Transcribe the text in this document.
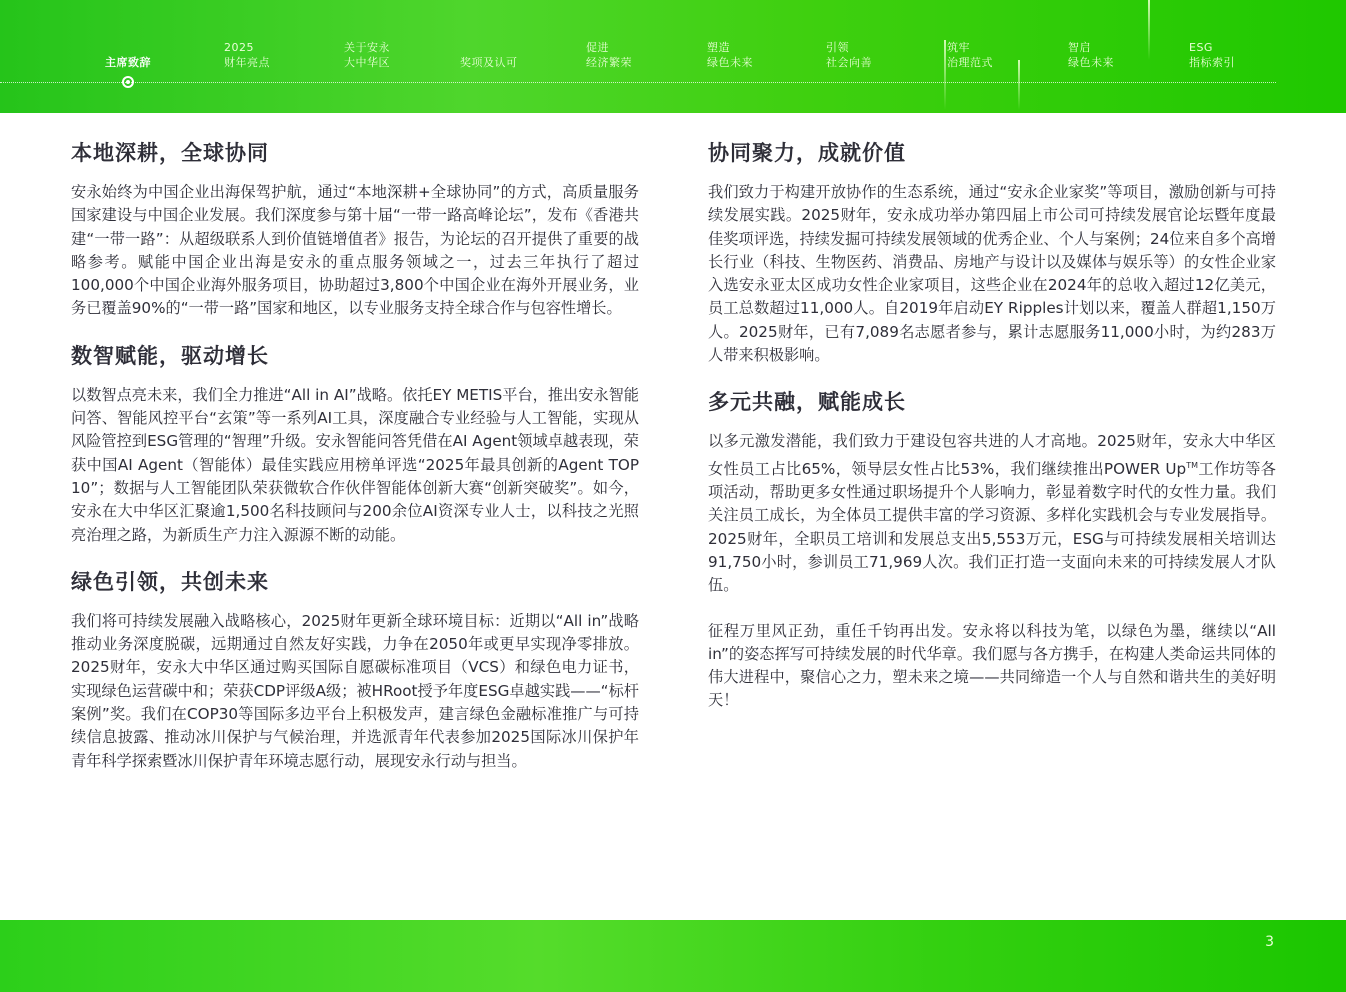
主席致辞
2025
财年亮点
关于安永
大中华区	奖项及认可
促进
经济繁荣
塑造
绿色未来
引领
社会向善
筑牢
治理范式
智启
绿色未来
ESG
指标索引
本地深耕，全球协同

安永始终为中国企业出海保驾护航，通过“本地深耕+全球协同”的方式，高质量服务国家建设与中国企业发展。我们深度参与第十届“一带一路高峰论坛”，发布《香港共建“一带一路”：从超级联系人到价值链增值者》报告，为论坛的召开提供了重要的战略参考。赋能中国企业出海是安永的重点服务领域之一，过去三年执行了超过100,000个中国企业海外服务项目，协助超过3,800个中国企业在海外开展业务，业务已覆盖90%的“一带一路”国家和地区，以专业服务支持全球合作与包容性增长。

数智赋能，驱动增长

以数智点亮未来，我们全力推进“All in AI”战略。依托EY METIS平台，推出安永智能问答、智能风控平台“玄策”等一系列AI工具，深度融合专业经验与人工智能，实现从风险管控到ESG管理的“智理”升级。安永智能问答凭借在AI Agent领域卓越表现，荣获中国AI Agent（智能体）最佳实践应用榜单评选“2025年最具创新的Agent TOP 10”；数据与人工智能团队荣获微软合作伙伴智能体创新大赛“创新突破奖”。如今，安永在大中华区汇聚逾1,500名科技顾问与200余位AI资深专业人士，以科技之光照亮治理之路，为新质生产力注入源源不断的动能。

绿色引领，共创未来

我们将可持续发展融入战略核心，2025财年更新全球环境目标：近期以“All in”战略推动业务深度脱碳，远期通过自然友好实践，力争在2050年或更早实现净零排放。2025财年，安永大中华区通过购买国际自愿碳标准项目（VCS）和绿色电力证书，实现绿色运营碳中和；荣获CDP评级A级；被HRoot授予年度ESG卓越实践——“标杆案例”奖。我们在COP30等国际多边平台上积极发声，建言绿色金融标准推广与可持续信息披露、推动冰川保护与气候治理，并选派青年代表参加2025国际冰川保护年青年科学探索暨冰川保护青年环境志愿行动，展现安永行动与担当。

协同聚力，成就价值

我们致力于构建开放协作的生态系统，通过“安永企业家奖”等项目，激励创新与可持续发展实践。2025财年，安永成功举办第四届上市公司可持续发展官论坛暨年度最佳奖项评选，持续发掘可持续发展领域的优秀企业、个人与案例；24位来自多个高增长行业（科技、生物医药、消费品、房地产与设计以及媒体与娱乐等）的女性企业家入选安永亚太区成功女性企业家项目，这些企业在2024年的总收入超过12亿美元，员工总数超过11,000人。自2019年启动EY Ripples计划以来，覆盖人群超1,150万人。2025财年，已有7,089名志愿者参与，累计志愿服务11,000小时，为约283万人带来积极影响。

多元共融，赋能成长

以多元激发潜能，我们致力于建设包容共进的人才高地。2025财年，安永大中华区女性员工占比65%，领导层女性占比53%，我们继续推出POWER Up™工作坊等各项活动，帮助更多女性通过职场提升个人影响力，彰显着数字时代的女性力量。我们关注员工成长，为全体员工提供丰富的学习资源、多样化实践机会与专业发展指导。2025财年，全职员工培训和发展总支出5,553万元，ESG与可持续发展相关培训达91,750小时，参训员工71,969人次。我们正打造一支面向未来的可持续发展人才队伍。

征程万里风正劲，重任千钧再出发。安永将以科技为笔，以绿色为墨，继续以“All in”的姿态挥写可持续发展的时代华章。我们愿与各方携手，在构建人类命运共同体的伟大进程中，聚信心之力，塑未来之境——共同缔造一个人与自然和谐共生的美好明天！

3
